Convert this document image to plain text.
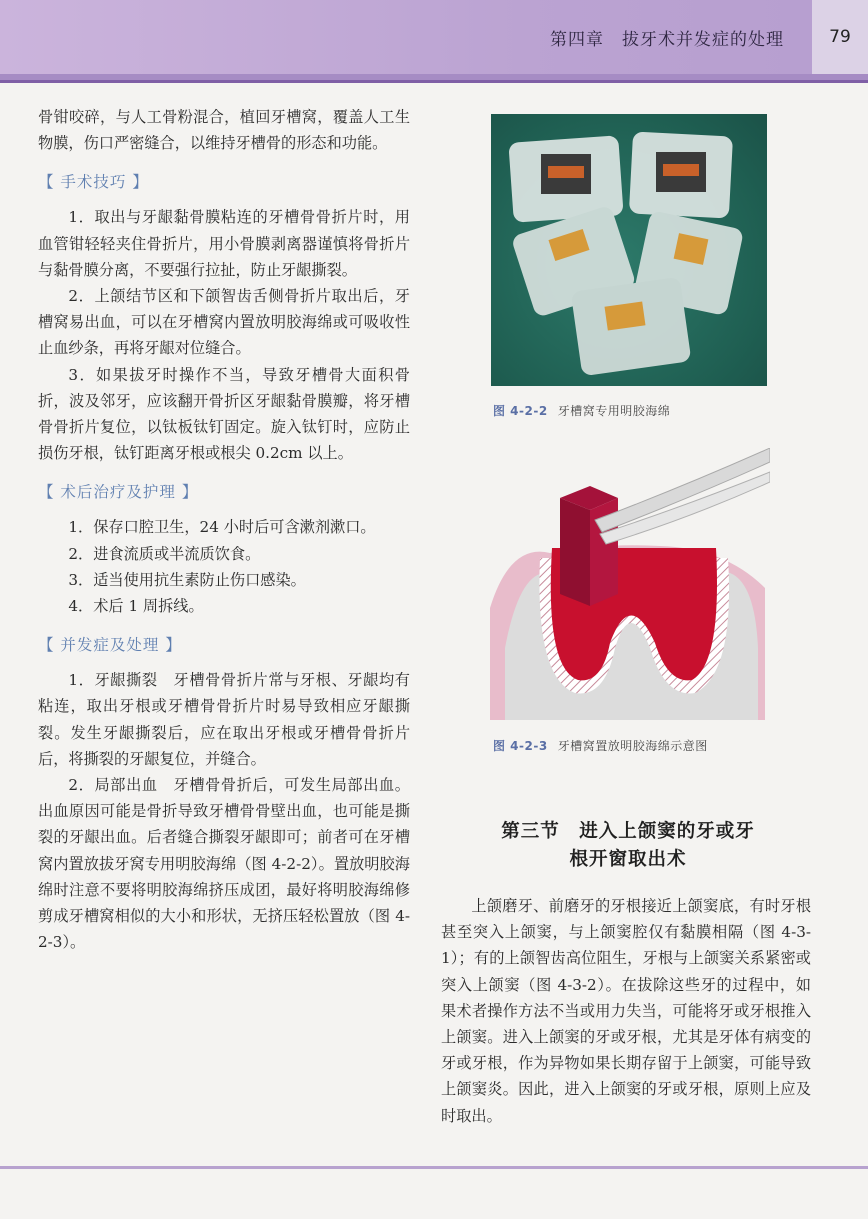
第四章　拔牙术并发症的处理	79

骨钳咬碎，与人工骨粉混合，植回牙槽窝，覆盖人工生物膜，伤口严密缝合，以维持牙槽骨的形态和功能。

【 手术技巧 】

1．取出与牙龈黏骨膜粘连的牙槽骨骨折片时，用血管钳轻轻夹住骨折片，用小骨膜剥离器谨慎将骨折片与黏骨膜分离，不要强行拉扯，防止牙龈撕裂。

2．上颌结节区和下颌智齿舌侧骨折片取出后，牙槽窝易出血，可以在牙槽窝内置放明胶海绵或可吸收性止血纱条，再将牙龈对位缝合。

3．如果拔牙时操作不当，导致牙槽骨大面积骨折，波及邻牙，应该翻开骨折区牙龈黏骨膜瓣，将牙槽骨骨折片复位，以钛板钛钉固定。旋入钛钉时，应防止损伤牙根，钛钉距离牙根或根尖 0.2cm 以上。

【 术后治疗及护理 】

1．保存口腔卫生，24 小时后可含漱剂漱口。

2．进食流质或半流质饮食。

3．适当使用抗生素防止伤口感染。

4．术后 1 周拆线。

【 并发症及处理 】

1．牙龈撕裂　牙槽骨骨折片常与牙根、牙龈均有粘连，取出牙根或牙槽骨骨折片时易导致相应牙龈撕裂。发生牙龈撕裂后，应在取出牙根或牙槽骨骨折片后，将撕裂的牙龈复位，并缝合。

2．局部出血　牙槽骨骨折后，可发生局部出血。出血原因可能是骨折导致牙槽骨骨壁出血，也可能是撕裂的牙龈出血。后者缝合撕裂牙龈即可；前者可在牙槽窝内置放拔牙窝专用明胶海绵（图 4-2-2）。置放明胶海绵时注意不要将明胶海绵挤压成团，最好将明胶海绵修剪成牙槽窝相似的大小和形状，无挤压轻松置放（图 4-2-3）。

图 4-2-2 牙槽窝专用明胶海绵
图 4-2-3 牙槽窝置放明胶海绵示意图
第三节　进入上颌窦的牙或牙
根开窗取出术

上颌磨牙、前磨牙的牙根接近上颌窦底，有时牙根甚至突入上颌窦，与上颌窦腔仅有黏膜相隔（图 4-3-1）；有的上颌智齿高位阻生，牙根与上颌窦关系紧密或突入上颌窦（图 4-3-2）。在拔除这些牙的过程中，如果术者操作方法不当或用力失当，可能将牙或牙根推入上颌窦。进入上颌窦的牙或牙根，尤其是牙体有病变的牙或牙根，作为异物如果长期存留于上颌窦，可能导致上颌窦炎。因此，进入上颌窦的牙或牙根，原则上应及时取出。
